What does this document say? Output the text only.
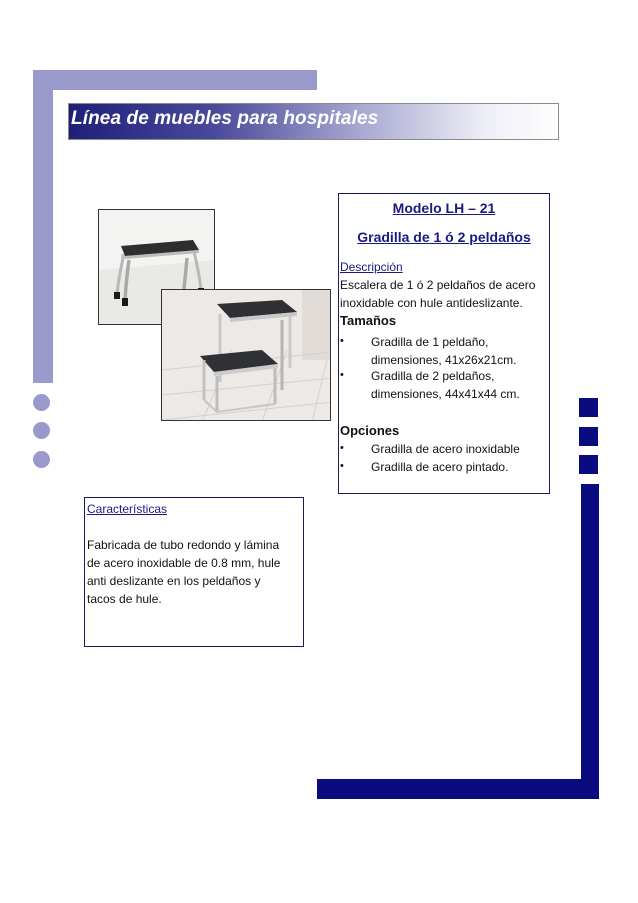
Línea de muebles para hospitales
Modelo LH – 21
Gradilla de 1 ó 2 peldaños
Descripción
Escalera de 1 ó 2 peldaños de acero
inoxidable con hule antideslizante.
Tamaños
• Gradilla de 1 peldaño,
dimensiones, 41x26x21cm.
• Gradilla de 2 peldaños,
dimensiones, 44x41x44 cm.
Opciones
• Gradilla de acero inoxidable
• Gradilla de acero pintado.
Características
Fabricada de tubo redondo y lámina
de acero inoxidable de 0.8 mm, hule
anti deslizante en los peldaños y
tacos de hule.
